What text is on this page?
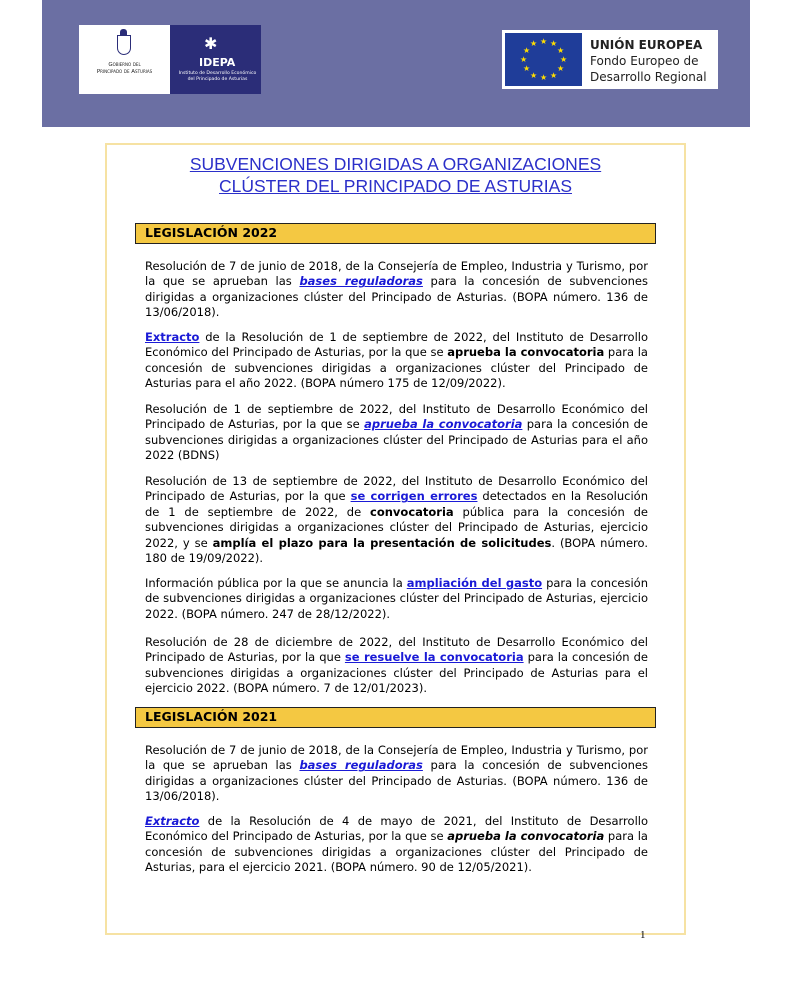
Gobierno del
Principado de Asturias
✱
IDEPA
Instituto de Desarrollo Económico
del Principado de Asturias
★ ★
★
★
★
★
★
★
★
★
★
★	UNIÓN EUROPEA
Fondo Europeo de
Desarrollo Regional
SUBVENCIONES DIRIGIDAS A ORGANIZACIONES
CLÚSTER DEL PRINCIPADO DE ASTURIAS
LEGISLACIÓN 2022
Resolución de 7 de junio de 2018, de la Consejería de Empleo, Industria y Turismo, por la que se aprueban las bases reguladoras para la concesión de subvenciones dirigidas a organizaciones clúster del Principado de Asturias. (BOPA número. 136 de 13/06/2018).
Extracto de la Resolución de 1 de septiembre de 2022, del Instituto de Desarrollo Económico del Principado de Asturias, por la que se aprueba la convocatoria para la concesión de subvenciones dirigidas a organizaciones clúster del Principado de Asturias para el año 2022. (BOPA número 175 de 12/09/2022).
Resolución de 1 de septiembre de 2022, del Instituto de Desarrollo Económico del Principado de Asturias, por la que se aprueba la convocatoria para la concesión de subvenciones dirigidas a organizaciones clúster del Principado de Asturias para el año 2022 (BDNS)
Resolución de 13 de septiembre de 2022, del Instituto de Desarrollo Económico del Principado de Asturias, por la que se corrigen errores detectados en la Resolución de 1 de septiembre de 2022, de convocatoria pública para la concesión de subvenciones dirigidas a organizaciones clúster del Principado de Asturias, ejercicio 2022, y se amplía el plazo para la presentación de solicitudes. (BOPA número. 180 de 19/09/2022).
Información pública por la que se anuncia la ampliación del gasto para la concesión de subvenciones dirigidas a organizaciones clúster del Principado de Asturias, ejercicio 2022. (BOPA número. 247 de 28/12/2022).
Resolución de 28 de diciembre de 2022, del Instituto de Desarrollo Económico del Principado de Asturias, por la que se resuelve la convocatoria para la concesión de subvenciones dirigidas a organizaciones clúster del Principado de Asturias para el ejercicio 2022. (BOPA número. 7 de 12/01/2023).
LEGISLACIÓN 2021
Resolución de 7 de junio de 2018, de la Consejería de Empleo, Industria y Turismo, por la que se aprueban las bases reguladoras para la concesión de subvenciones dirigidas a organizaciones clúster del Principado de Asturias. (BOPA número. 136 de 13/06/2018).
Extracto de la Resolución de 4 de mayo de 2021, del Instituto de Desarrollo Económico del Principado de Asturias, por la que se aprueba la convocatoria para la concesión de subvenciones dirigidas a organizaciones clúster del Principado de Asturias, para el ejercicio 2021. (BOPA número. 90 de 12/05/2021).
1
